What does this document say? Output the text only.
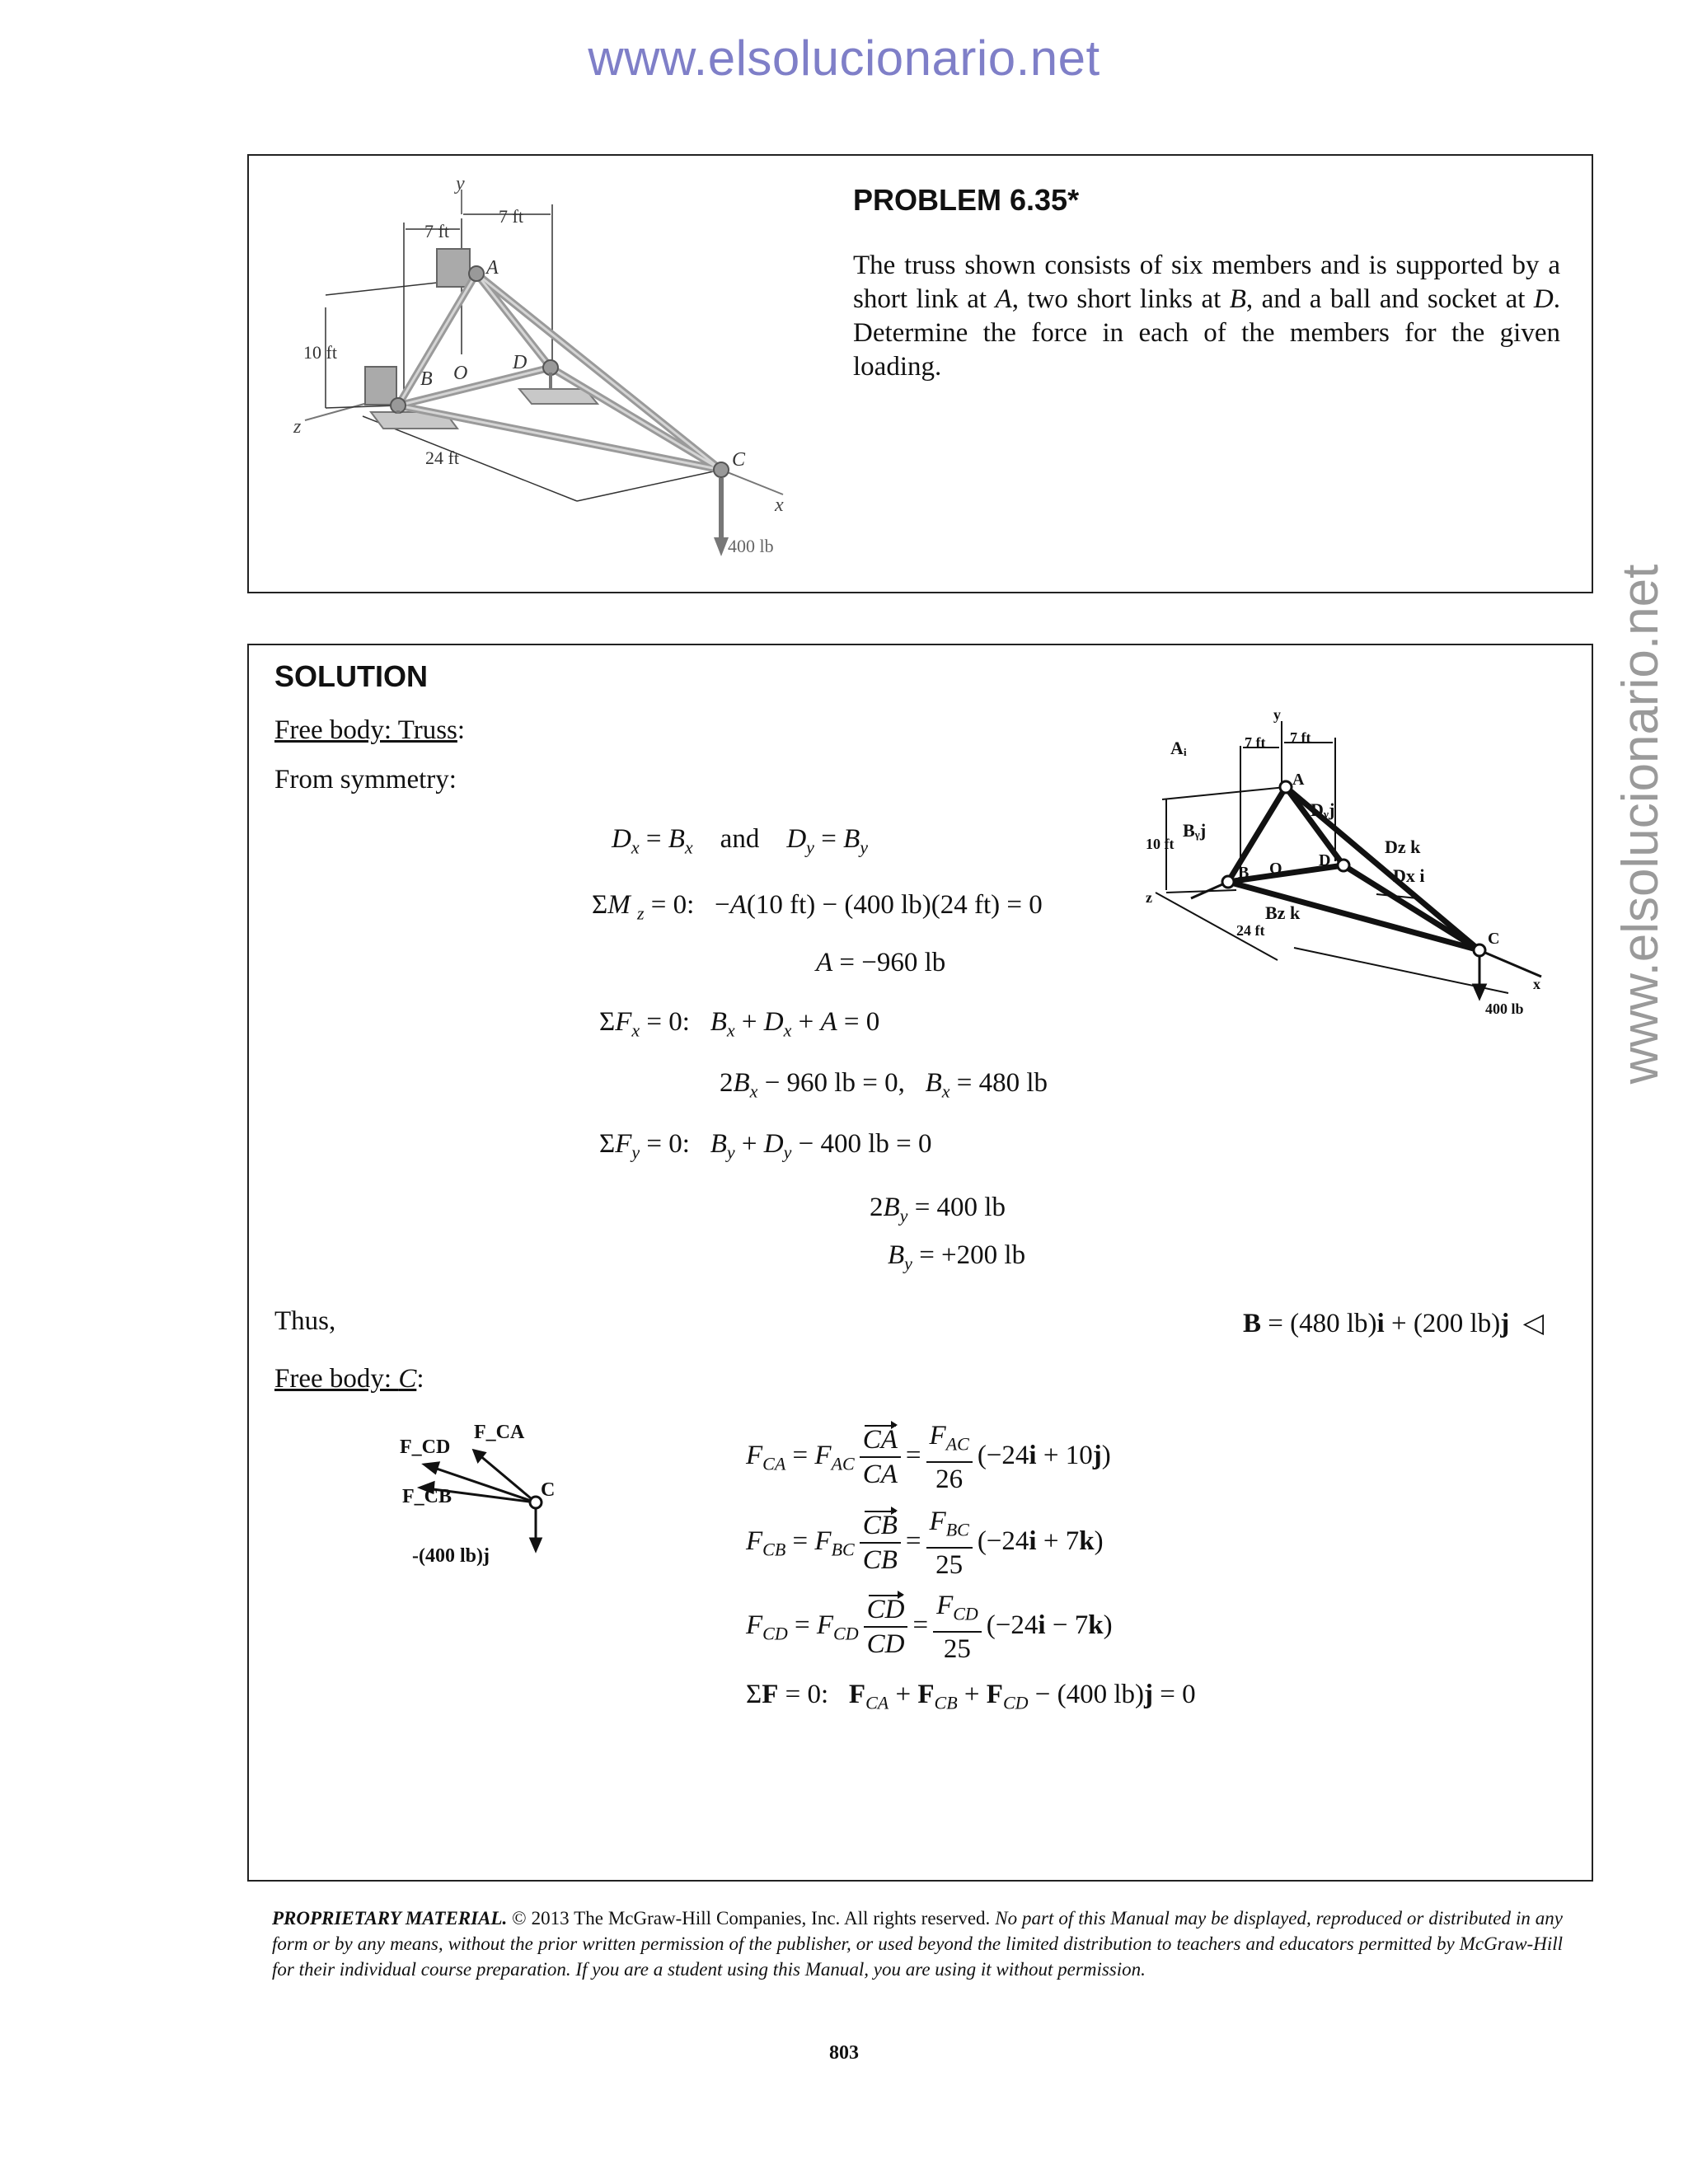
www.elsolucionario.net
www.elsolucionario.net
y
x
z
A
B O D
C
7 ft
7 ft
10 ft
24 ft
400 lb
PROBLEM 6.35*
The truss shown consists of six members and is supported by a short link at A, two short links at B, and a ball and socket at D. Determine the force in each of the members for the given loading.
SOLUTION
Free body: Truss:
From symmetry:
$D_x = B_x$ and $D_y = B_y$
ΣM $_z$ = 0:   −A(10 ft) − (400 lb)(24 ft) = 0
A = −960 lb
$\Sigma F_x = 0$:   $B_x + D_x + A = 0$
$2B_x - 960$ lb = 0,   $B_x = 480$ lb
$\Sigma F_y = 0$:   $B_y + D_y - 400$ lb = 0
$2B_y = 400$ lb
$B_y = +200$ lb
Thus,	B = (480 lb)i + (200 lb)j  ◁
Free body: C:
$F_{CA} = F_{AC} \frac{CA}{CA} = \frac{F_{AC}}{26} (-24i + 10j)$
$F_{CB} = F_{BC} \frac{CB}{CB} = \frac{F_{BC}}{25} (-24i + 7k)$
$F_{CD} = F_{CD} \frac{CD}{CD} = \frac{F_{CD}}{25} (-24i - 7k)$
ΣF = 0:   $F_{CA} + F_{CB} + F_{CD} - (400$ lb)j = 0
Aᵢ
y
7 ft 7 ft
A
Dᵧj
Bᵧj
10 ft
B O D
Dz k
Dx i
z
Bz k
24 ft	C
x
400 lb
F_CD
F_CA
F_CB	C
-(400 lb)j
PROPRIETARY MATERIAL. © 2013 The McGraw-Hill Companies, Inc. All rights reserved. No part of this Manual may be displayed, reproduced or distributed in any form or by any means, without the prior written permission of the publisher, or used beyond the limited distribution to teachers and educators permitted by McGraw-Hill for their individual course preparation. If you are a student using this Manual, you are using it without permission.
803
